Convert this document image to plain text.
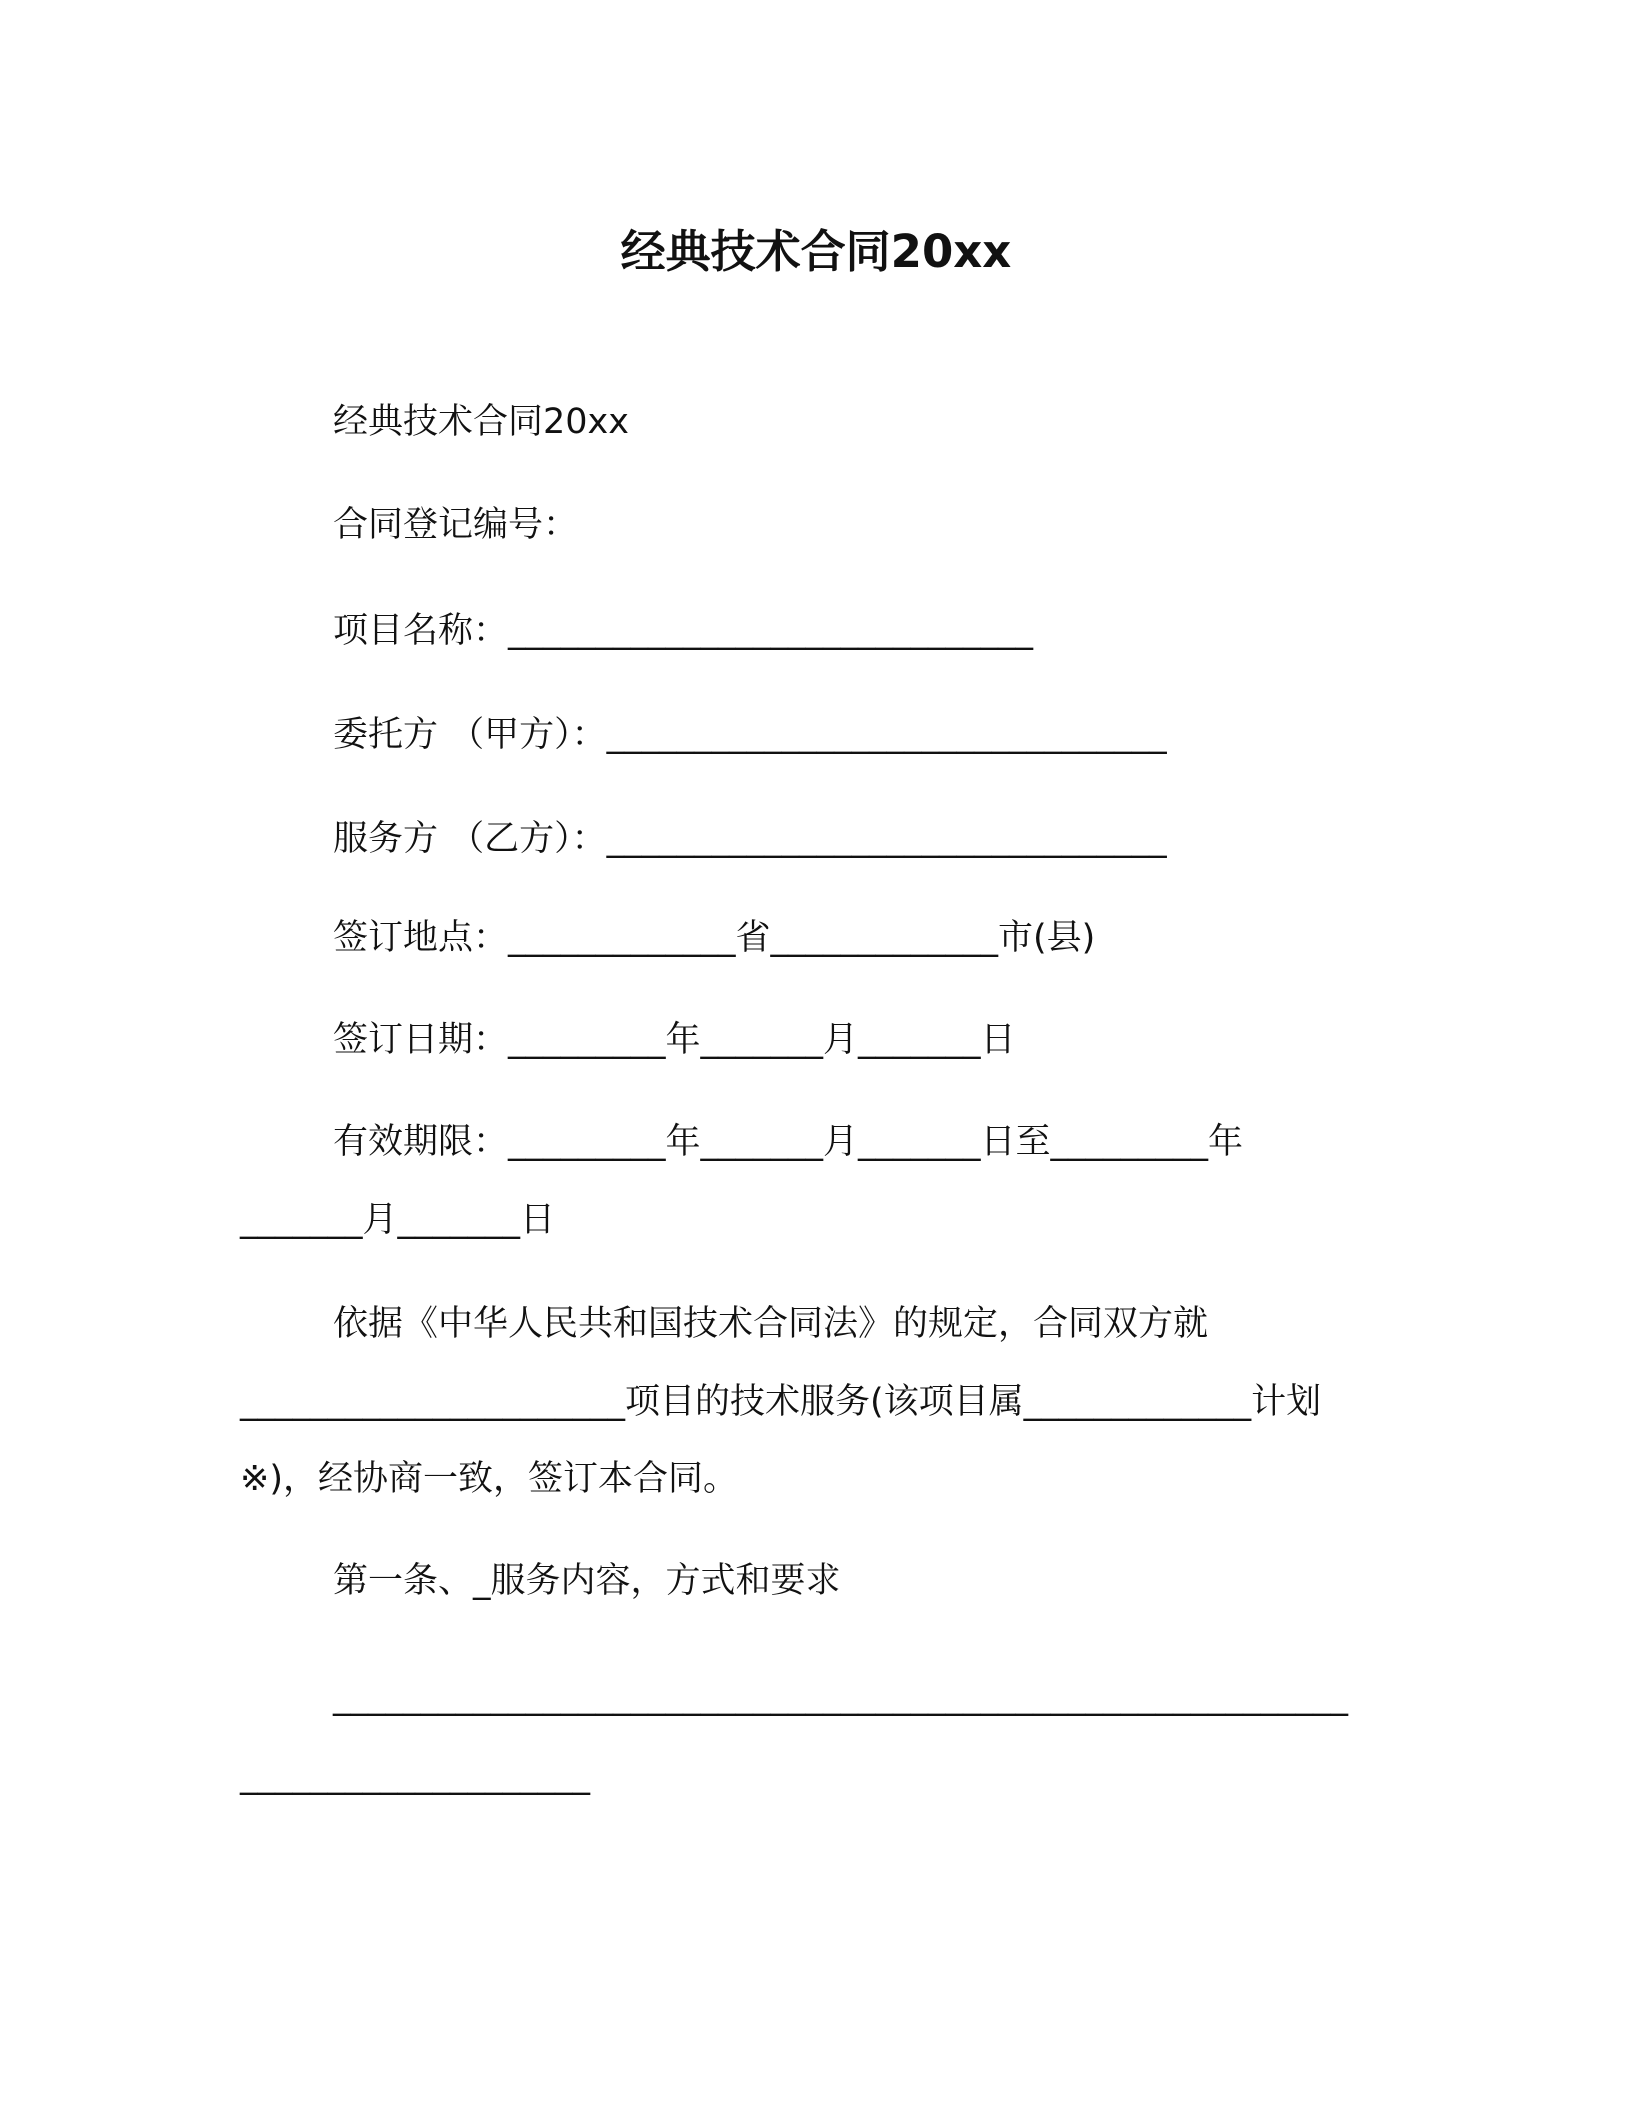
经典技术合同20xx
经典技术合同20xx
合同登记编号：
项目名称：______________________________
委托方 （甲方）：________________________________
服务方 （乙方）：________________________________
签订地点：_____________省_____________市(县)
签订日期：_________年_______月_______日
有效期限：_________年_______月_______日至_________年
_______月_______日
依据《中华人民共和国技术合同法》的规定，合同双方就
______________________项目的技术服务(该项目属_____________计划
※)，经协商一致，签订本合同。
第一条、_服务内容，方式和要求
__________________________________________________________
____________________
